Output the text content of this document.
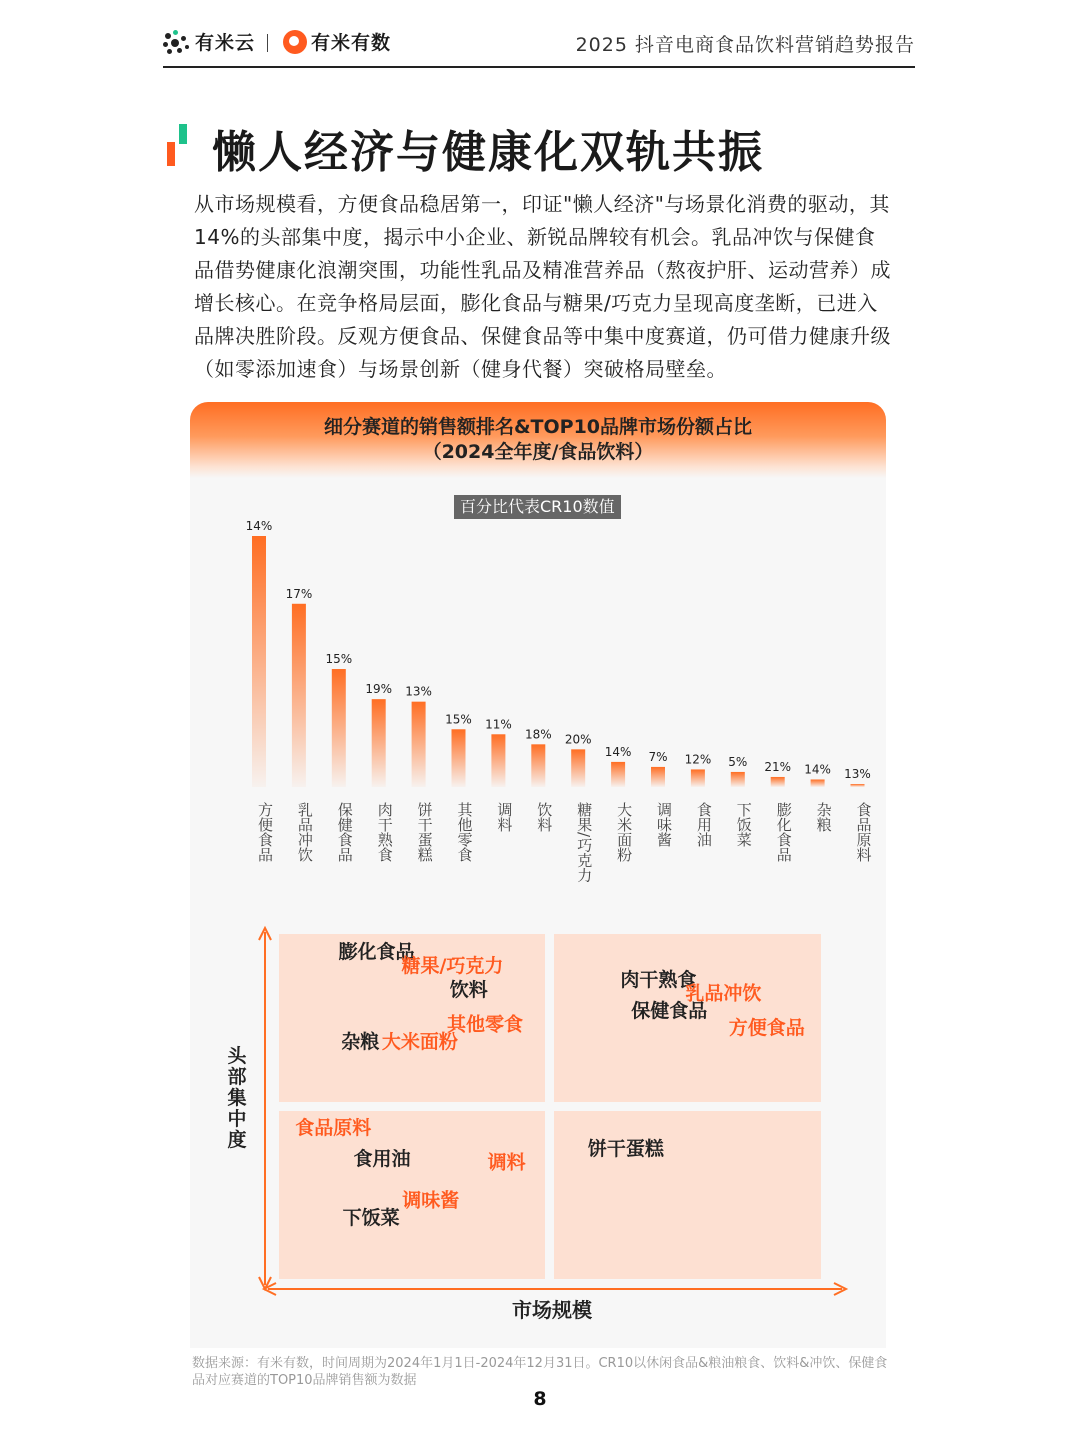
有米云	有米有数	2025 抖音电商食品饮料营销趋势报告
懒人经济与健康化双轨共振

从市场规模看，方便食品稳居第一，印证"懒人经济"与场景化消费的驱动，其14%的头部集中度，揭示中小企业、新锐品牌较有机会。乳品冲饮与保健食品借势健康化浪潮突围，功能性乳品及精准营养品（熬夜护肝、运动营养）成增长核心。在竞争格局层面，膨化食品与糖果/巧克力呈现高度垄断，已进入品牌决胜阶段。反观方便食品、保健食品等中集中度赛道，仍可借力健康升级（如零添加速食）与场景创新（健身代餐）突破格局壁垒。

细分赛道的销售额排名&TOP10品牌市场份额占比
（2024全年度/食品饮料）
百分比代表CR10数值
14%
方便食品
17%
乳品冲饮
15%
保健食品
19%
肉干熟食
13%
饼干蛋糕
15%
其他零食
11%
调料
18%
饮料
20%
糖果/巧克力
14%
大米面粉
7%
调味酱
12%
食用油
5%
下饭菜
21%
膨化食品
14%
杂粮
13%
食品原料
市场规模
头
部
集
中
度
膨化食品
糖果/巧克力
饮料
其他零食
杂粮 大米面粉
肉干熟食
乳品冲饮
保健食品
方便食品
食品原料
食用油	调料
调味酱
下饭菜
饼干蛋糕

数据来源：有米有数，时间周期为2024年1月1日-2024年12月31日。CR10以休闲食品&粮油粮食、饮料&冲饮、保健食品对应赛道的TOP10品牌销售额为数据

8
